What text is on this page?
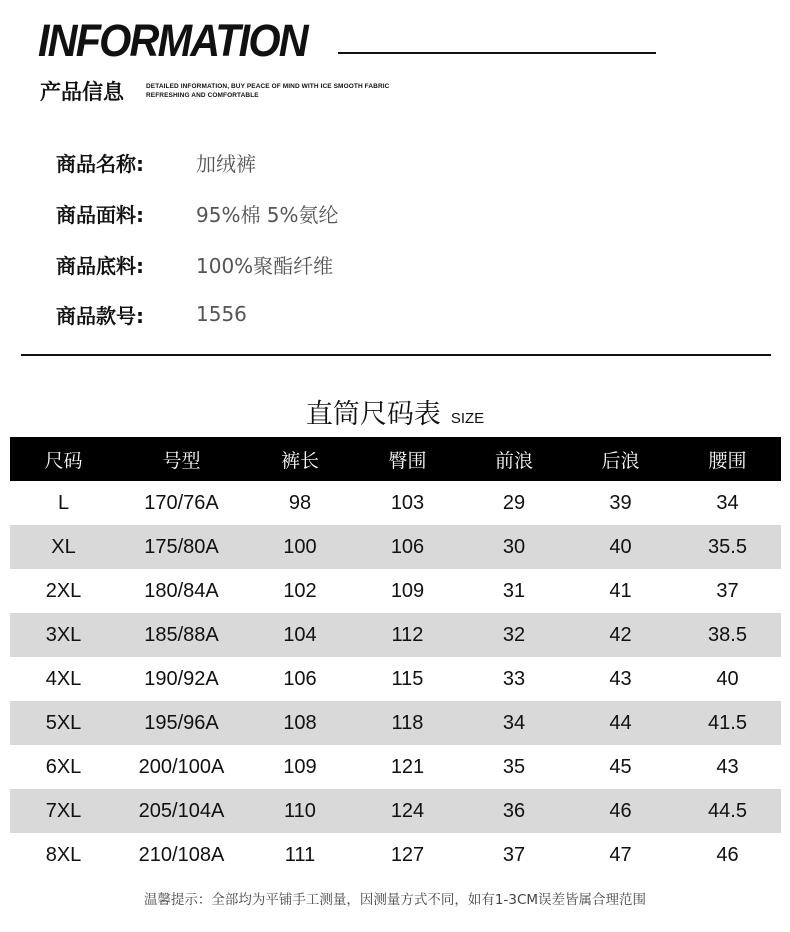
INFORMATION
产品信息	DETAILED INFORMATION, BUY PEACE OF MIND WITH ICE SMOOTH FABRIC
REFRESHING AND COMFORTABLE
商品名称:	加绒裤
商品面料:	95%棉 5%氨纶
商品底料:	100%聚酯纤维
商品款号:	1556
直筒尺码表 SIZE
尺码	号型	裤长	臀围	前浪	后浪	腰围
L	170/76A	98	103	29	39	34
XL	175/80A	100	106	30	40	35.5
2XL	180/84A	102	109	31	41	37
3XL	185/88A	104	112	32	42	38.5
4XL	190/92A	106	115	33	43	40
5XL	195/96A	108	118	34	44	41.5
6XL	200/100A	109	121	35	45	43
7XL	205/104A	110	124	36	46	44.5
8XL	210/108A	111	127	37	47	46
温馨提示：全部均为平铺手工测量，因测量方式不同，如有1-3CM误差皆属合理范围
